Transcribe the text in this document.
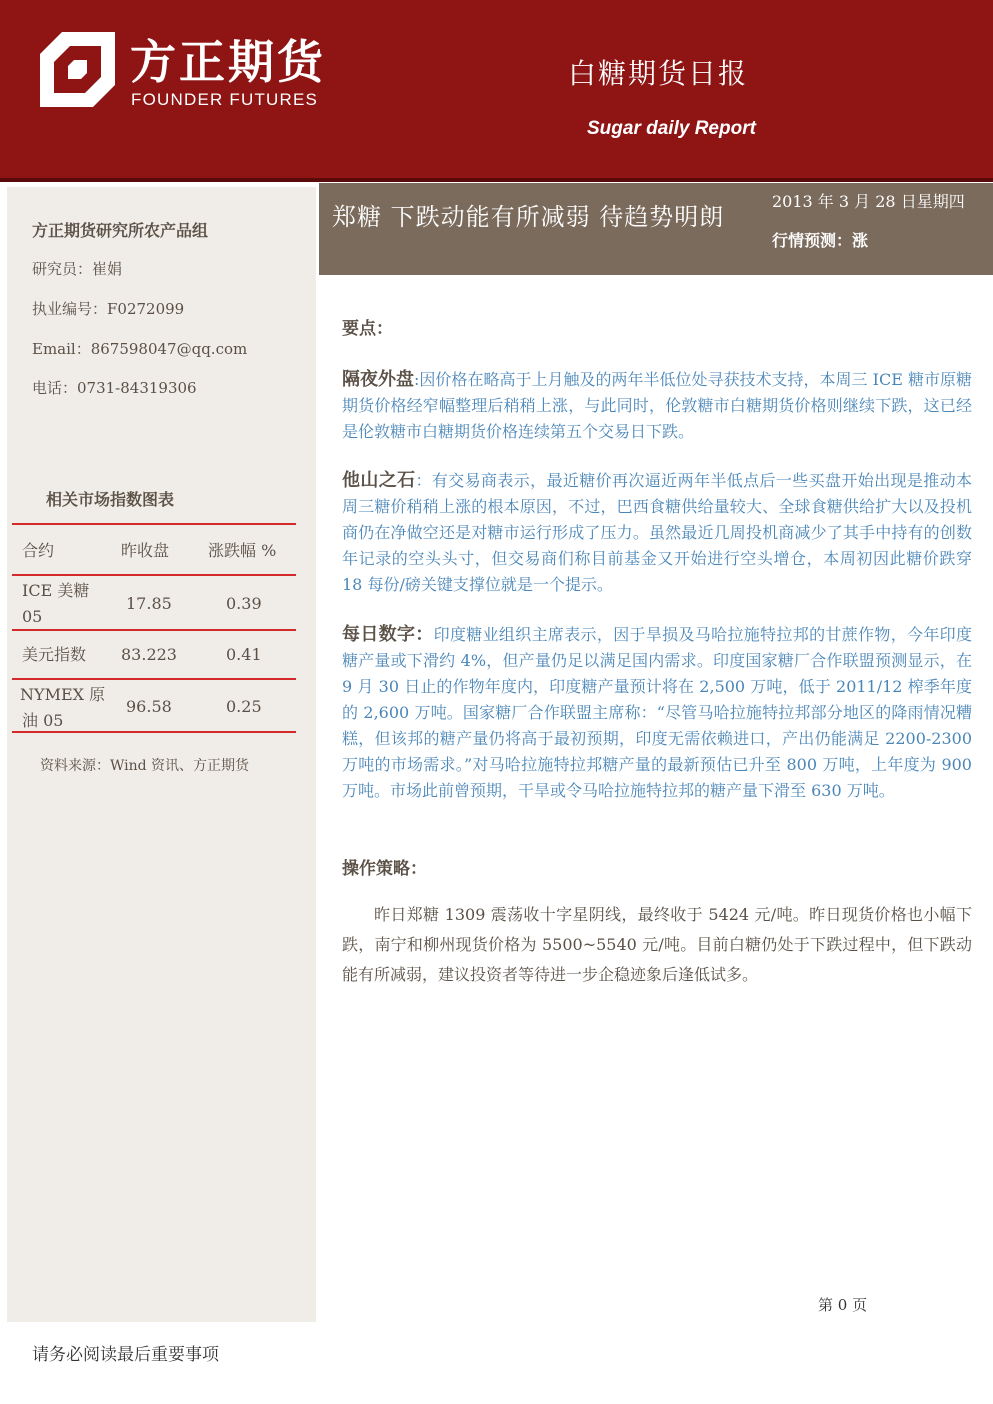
方正期货
FOUNDER FUTURES
白糖期货日报
Sugar daily Report
方正期货研究所农产品组
研究员：崔娟
执业编号：F0272099
Email：867598047@qq.com
电话：0731-84319306
相关市场指数图表
合约	昨收盘 涨跌幅 %
ICE 美糖
05
17.85	0.39
美元指数 83.223	0.41
NYMEX 原
油 05
96.58	0.25
资料来源：Wind 资讯、方正期货
郑糖 下跌动能有所减弱 待趋势明朗
2013 年 3 月 28 日星期四
行情预测：涨
要点：
隔夜外盘:因价格在略高于上月触及的两年半低位处寻获技术支持，本周三 ICE 糖市原糖期货价格经窄幅整理后稍稍上涨，与此同时，伦敦糖市白糖期货价格则继续下跌，这已经是伦敦糖市白糖期货价格连续第五个交易日下跌。
他山之石：有交易商表示，最近糖价再次逼近两年半低点后一些买盘开始出现是推动本周三糖价稍稍上涨的根本原因，不过，巴西食糖供给量较大、全球食糖供给扩大以及投机商仍在净做空还是对糖市运行形成了压力。虽然最近几周投机商减少了其手中持有的创数年记录的空头头寸，但交易商们称目前基金又开始进行空头增仓，本周初因此糖价跌穿 18 每份/磅关键支撑位就是一个提示。
每日数字：印度糖业组织主席表示，因于旱损及马哈拉施特拉邦的甘蔗作物，今年印度糖产量或下滑约 4%，但产量仍足以满足国内需求。印度国家糖厂合作联盟预测显示，在 9 月 30 日止的作物年度内，印度糖产量预计将在 2,500 万吨，低于 2011/12 榨季年度的 2,600 万吨。国家糖厂合作联盟主席称：“尽管马哈拉施特拉邦部分地区的降雨情况糟糕，但该邦的糖产量仍将高于最初预期，印度无需依赖进口，产出仍能满足 2200-2300 万吨的市场需求。”对马哈拉施特拉邦糖产量的最新预估已升至 800 万吨，上年度为 900 万吨。市场此前曾预期，干旱或令马哈拉施特拉邦的糖产量下滑至 630 万吨。
操作策略：
昨日郑糖 1309 震荡收十字星阴线，最终收于 5424 元/吨。昨日现货价格也小幅下跌，南宁和柳州现货价格为 5500~5540 元/吨。目前白糖仍处于下跌过程中，但下跌动能有所减弱，建议投资者等待进一步企稳迹象后逢低试多。
第 0 页
请务必阅读最后重要事项
